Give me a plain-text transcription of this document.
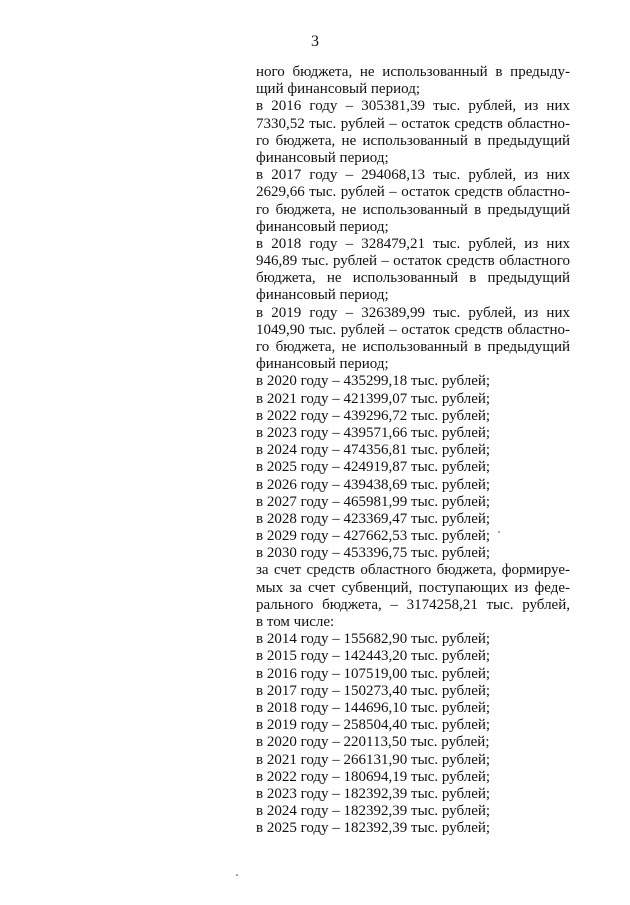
3
ного бюджета, не использованный в предыду-
щий финансовый период;
в 2016 году – 305381,39 тыс. рублей, из них
7330,52 тыс. рублей – остаток средств областно-
го бюджета, не использованный в предыдущий
финансовый период;
в 2017 году – 294068,13 тыс. рублей, из них
2629,66 тыс. рублей – остаток средств областно-
го бюджета, не использованный в предыдущий
финансовый период;
в 2018 году – 328479,21 тыс. рублей, из них
946,89 тыс. рублей – остаток средств областного
бюджета, не использованный в предыдущий
финансовый период;
в 2019 году – 326389,99 тыс. рублей, из них
1049,90 тыс. рублей – остаток средств областно-
го бюджета, не использованный в предыдущий
финансовый период;
в 2020 году – 435299,18 тыс. рублей;
в 2021 году – 421399,07 тыс. рублей;
в 2022 году – 439296,72 тыс. рублей;
в 2023 году – 439571,66 тыс. рублей;
в 2024 году – 474356,81 тыс. рублей;
в 2025 году – 424919,87 тыс. рублей;
в 2026 году – 439438,69 тыс. рублей;
в 2027 году – 465981,99 тыс. рублей;
в 2028 году – 423369,47 тыс. рублей;
в 2029 году – 427662,53 тыс. рублей;
в 2030 году – 453396,75 тыс. рублей;
за счет средств областного бюджета, формируе-
мых за счет субвенций, поступающих из феде-
рального бюджета, – 3174258,21 тыс. рублей,
в том числе:
в 2014 году – 155682,90 тыс. рублей;
в 2015 году – 142443,20 тыс. рублей;
в 2016 году – 107519,00 тыс. рублей;
в 2017 году – 150273,40 тыс. рублей;
в 2018 году – 144696,10 тыс. рублей;
в 2019 году – 258504,40 тыс. рублей;
в 2020 году – 220113,50 тыс. рублей;
в 2021 году – 266131,90 тыс. рублей;
в 2022 году – 180694,19 тыс. рублей;
в 2023 году – 182392,39 тыс. рублей;
в 2024 году – 182392,39 тыс. рублей;
в 2025 году – 182392,39 тыс. рублей;
